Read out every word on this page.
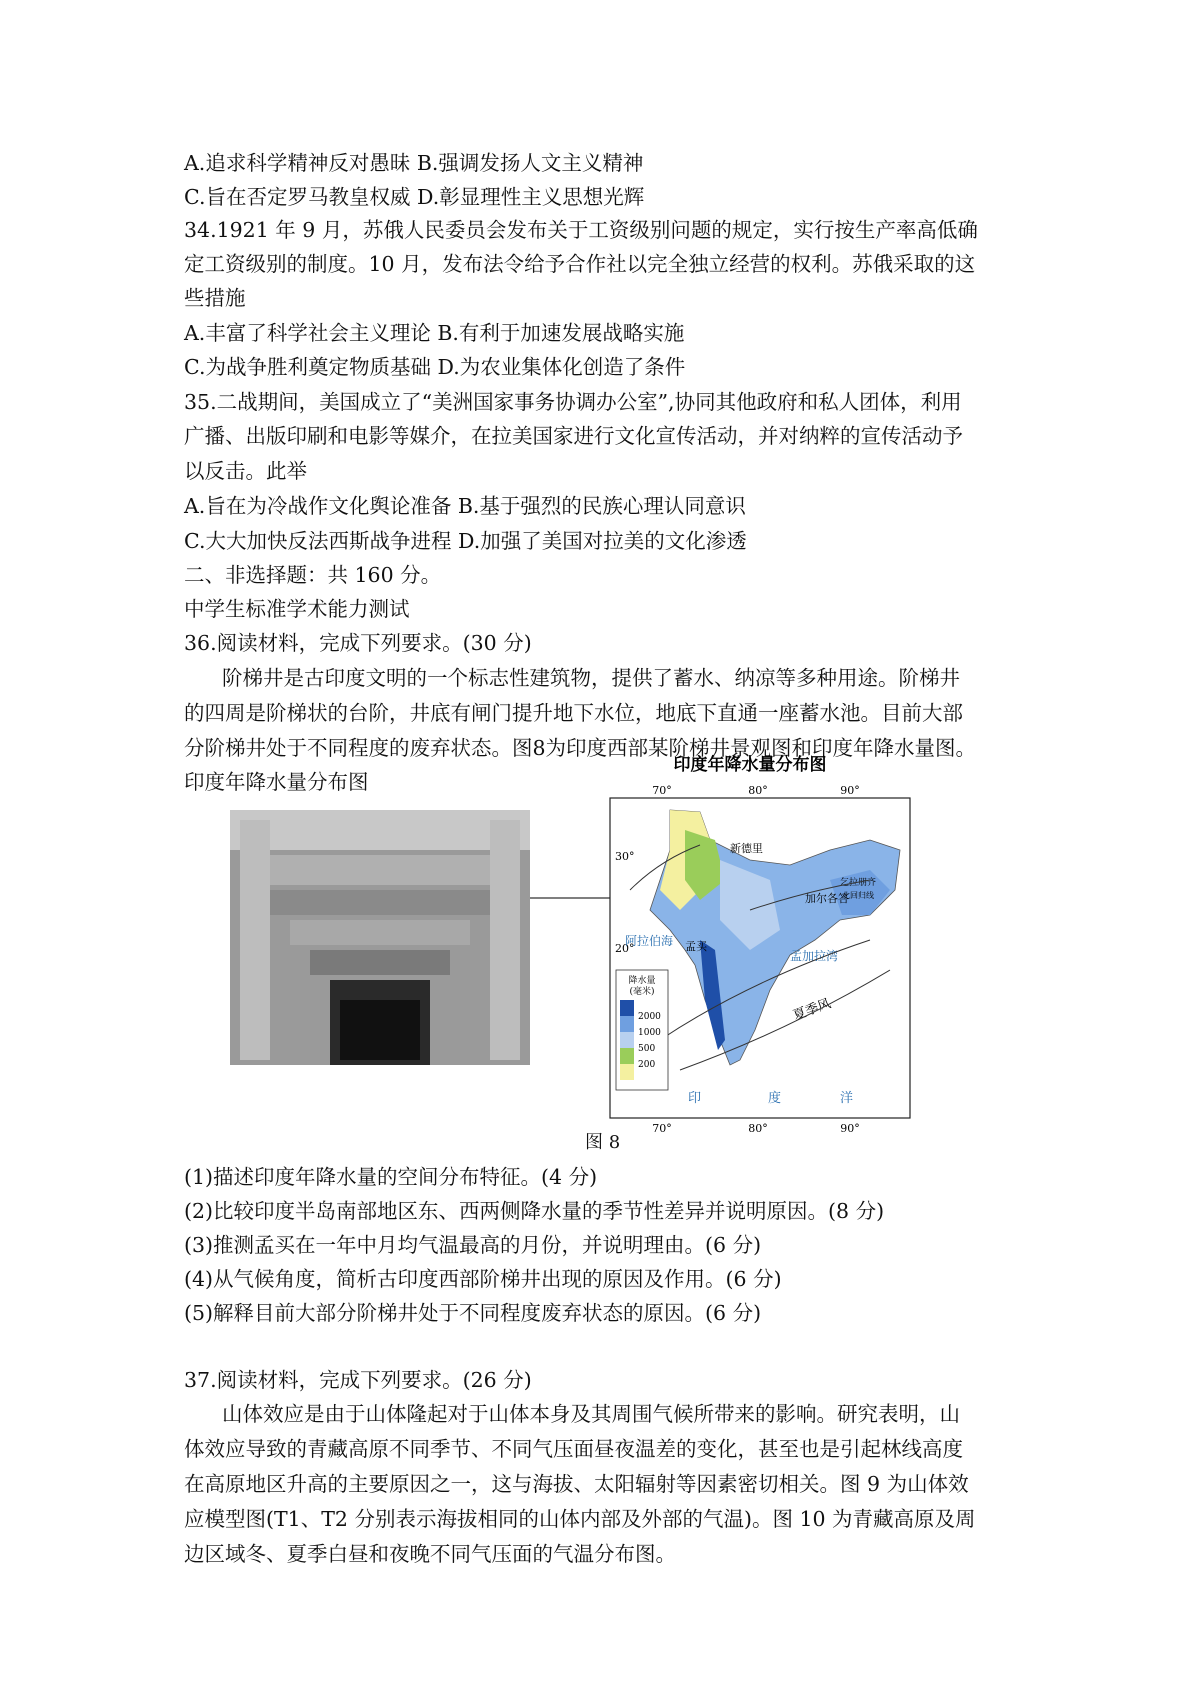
A.追求科学精神反对愚昧 B.强调发扬人文主义精神
C.旨在否定罗马教皇权威 D.彰显理性主义思想光辉
34.1921 年 9 月，苏俄人民委员会发布关于工资级别问题的规定，实行按生产率高低确
定工资级别的制度。10 月，发布法令给予合作社以完全独立经营的权利。苏俄采取的这
些措施
A.丰富了科学社会主义理论 B.有利于加速发展战略实施
C.为战争胜利奠定物质基础 D.为农业集体化创造了条件
35.二战期间，美国成立了“美洲国家事务协调办公室”,协同其他政府和私人团体，利用
广播、出版印刷和电影等媒介，在拉美国家进行文化宣传活动，并对纳粹的宣传活动予
以反击。此举
A.旨在为冷战作文化舆论准备 B.基于强烈的民族心理认同意识
C.大大加快反法西斯战争进程 D.加强了美国对拉美的文化渗透
二、非选择题：共 160 分。
中学生标准学术能力测试
36.阅读材料，完成下列要求。(30 分)
阶梯井是古印度文明的一个标志性建筑物，提供了蓄水、纳凉等多种用途。阶梯井
的四周是阶梯状的台阶，井底有闸门提升地下水位，地底下直通一座蓄水池。目前大部
分阶梯井处于不同程度的废弃状态。图8为印度西部某阶梯井景观图和印度年降水量图。
印度年降水量分布图
印度年降水量分布图
70°	80°	90°
70°	80°	90°
30°
20°
新德里
加尔各答
孟买
阿拉伯海
孟加拉湾
乞拉朋齐
北回归线
夏季风
印	度	洋
降水量
(毫米)
2000
1000
500
200
图 8
(1)描述印度年降水量的空间分布特征。(4 分)
(2)比较印度半岛南部地区东、西两侧降水量的季节性差异并说明原因。(8 分)
(3)推测孟买在一年中月均气温最高的月份，并说明理由。(6 分)
(4)从气候角度，简析古印度西部阶梯井出现的原因及作用。(6 分)
(5)解释目前大部分阶梯井处于不同程度废弃状态的原因。(6 分)
37.阅读材料，完成下列要求。(26 分)
山体效应是由于山体隆起对于山体本身及其周围气候所带来的影响。研究表明，山
体效应导致的青藏高原不同季节、不同气压面昼夜温差的变化，甚至也是引起林线高度
在高原地区升高的主要原因之一，这与海拔、太阳辐射等因素密切相关。图 9 为山体效
应模型图(T1、T2 分别表示海拔相同的山体内部及外部的气温)。图 10 为青藏高原及周
边区域冬、夏季白昼和夜晚不同气压面的气温分布图。
